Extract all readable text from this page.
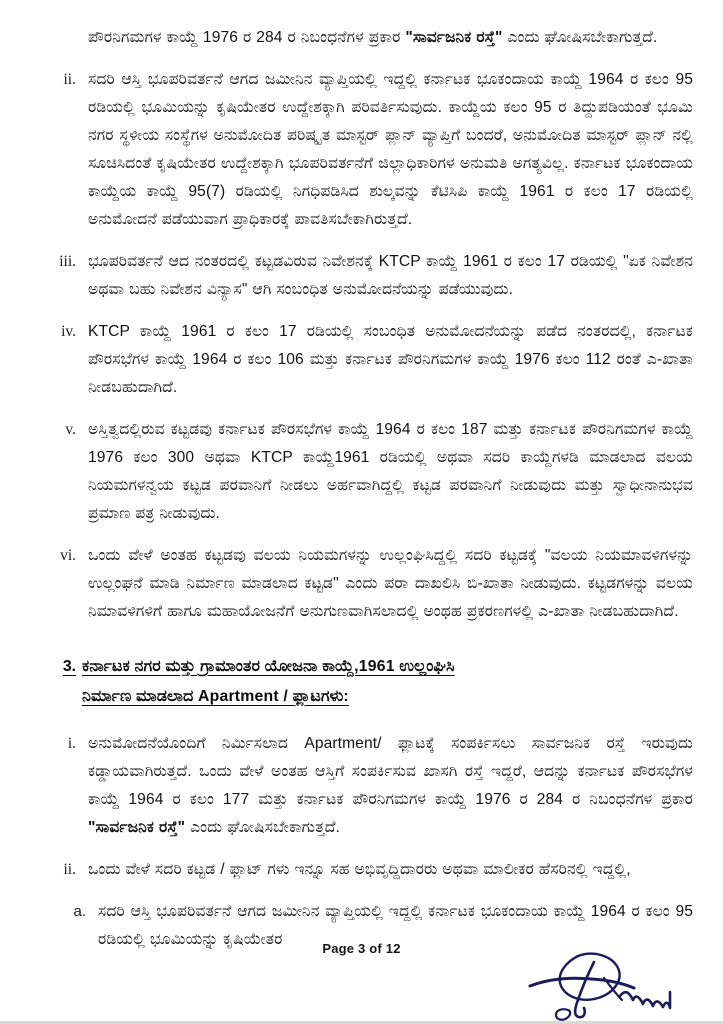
ಪೌರನಿಗಮಗಳ ಕಾಯ್ದೆ 1976 ರ 284 ರ ನಿಬಂಧನೆಗಳ ಪ್ರಕಾರ "ಸಾರ್ವಜನಿಕ ರಸ್ತೆ" ಎಂದು ಘೋಷಿಸಬೇಕಾಗುತ್ತದೆ.
ii. ಸದರಿ ಆಸ್ತಿ ಭೂಪರಿವರ್ತನೆ ಆಗದ ಜಮೀನಿನ ವ್ಯಾಪ್ತಿಯಲ್ಲಿ ಇದ್ದಲ್ಲಿ ಕರ್ನಾಟಕ ಭೂಕಂದಾಯ ಕಾಯ್ದೆ 1964 ರ ಕಲಂ 95 ರಡಿಯಲ್ಲಿ ಭೂಮಿಯನ್ನು ಕೃಷಿಯೇತರ ಉದ್ದೇಶಕ್ಕಾಗಿ ಪರಿವರ್ತಿಸುವುದು. ಕಾಯ್ದೆಯ ಕಲಂ 95 ರ ತಿದ್ದುಪಡಿಯಂತೆ ಭೂಮಿ ನಗರ ಸ್ಥಳೀಯ ಸಂಸ್ಥೆಗಳ ಅನುಮೋದಿತ ಪರಿಷ್ಕೃತ ಮಾಸ್ಟರ್ ಪ್ಲಾನ್ ವ್ಯಾಪ್ತಿಗೆ ಬಂದರೆ, ಅನುಮೋದಿತ ಮಾಸ್ಟರ್ ಪ್ಲಾನ್ ನಲ್ಲಿ ಸೂಚಿಸಿದಂತೆ ಕೃಷಿಯೇತರ ಉದ್ದೇಶಕ್ಕಾಗಿ ಭೂಪರಿವರ್ತನೆಗೆ ಜಿಲ್ಲಾಧಿಕಾರಿಗಳ ಅನುಮತಿ ಅಗತ್ಯವಿಲ್ಲ. ಕರ್ನಾಟಕ ಭೂಕಂದಾಯ ಕಾಯ್ದೆಯ ಕಾಯ್ದೆ 95(7) ರಡಿಯಲ್ಲಿ ನಿಗಧಿಪಡಿಸಿದ ಶುಲ್ಕವನ್ನು ಕೆಟಿಸಿಪಿ ಕಾಯ್ದೆ 1961 ರ ಕಲಂ 17 ರಡಿಯಲ್ಲಿ ಅನುಮೋದನೆ ಪಡೆಯುವಾಗ ಪ್ರಾಧಿಕಾರಕ್ಕೆ ಪಾವತಿಸಬೇಕಾಗಿರುತ್ತದೆ.
iii. ಭೂಪರಿವರ್ತನೆ ಆದ ನಂತರದಲ್ಲಿ ಕಟ್ಟಡವಿರುವ ನಿವೇಶನಕ್ಕೆ KTCP ಕಾಯ್ದೆ 1961 ರ ಕಲಂ 17 ರಡಿಯಲ್ಲಿ "ಏಕ ನಿವೇಶನ ಅಥವಾ ಬಹು ನಿವೇಶನ ವಿನ್ಯಾಸ" ಆಗಿ ಸಂಬಂಧಿತ ಅನುಮೋದನೆಯನ್ನು ಪಡೆಯುವುದು.
iv. KTCP ಕಾಯ್ದೆ 1961 ರ ಕಲಂ 17 ರಡಿಯಲ್ಲಿ ಸಂಬಂಧಿತ ಅನುಮೋದನೆಯನ್ನು ಪಡೆದ ನಂತರದಲ್ಲಿ, ಕರ್ನಾಟಕ ಪೌರಸಭೆಗಳ ಕಾಯ್ದೆ 1964 ರ ಕಲಂ 106 ಮತ್ತು ಕರ್ನಾಟಕ ಪೌರನಿಗಮಗಳ ಕಾಯ್ದೆ 1976 ಕಲಂ 112 ರಂತೆ ಎ-ಖಾತಾ ನೀಡಬಹುದಾಗಿದೆ.
v. ಅಸ್ತಿತ್ವದಲ್ಲಿರುವ ಕಟ್ಟಡವು ಕರ್ನಾಟಕ ಪೌರಸಭೆಗಳ ಕಾಯ್ದೆ 1964 ರ ಕಲಂ 187 ಮತ್ತು ಕರ್ನಾಟಕ ಪೌರನಿಗಮಗಳ ಕಾಯ್ದೆ 1976 ಕಲಂ 300 ಅಥವಾ KTCP ಕಾಯ್ದೆ1961 ರಡಿಯಲ್ಲಿ ಅಥವಾ ಸದರಿ ಕಾಯ್ದೆಗಳಡಿ ಮಾಡಲಾದ ವಲಯ ನಿಯಮಗಳನ್ವಯ ಕಟ್ಟಡ ಪರವಾನಿಗೆ ನೀಡಲು ಅರ್ಹವಾಗಿದ್ದಲ್ಲಿ ಕಟ್ಟಡ ಪರವಾನಿಗೆ ನೀಡುವುದು ಮತ್ತು ಸ್ವಾಧೀನಾನುಭವ ಪ್ರಮಾಣ ಪತ್ರ ನೀಡುವುದು.
vi. ಒಂದು ವೇಳೆ ಅಂತಹ ಕಟ್ಟಡವು ವಲಯ ನಿಯಮಗಳನ್ನು ಉಲ್ಲಂಘಿಸಿದ್ದಲ್ಲಿ ಸದರಿ ಕಟ್ಟಡಕ್ಕೆ "ವಲಯ ನಿಯಮಾವಳಿಗಳನ್ನು ಉಲ್ಲಂಘನೆ ಮಾಡಿ ನಿರ್ಮಾಣ ಮಾಡಲಾದ ಕಟ್ಟಡ" ಎಂದು ಪರಾ ದಾಖಲಿಸಿ ಬಿ-ಖಾತಾ ನೀಡುವುದು. ಕಟ್ಟಡಗಳನ್ನು ವಲಯ ನಿಮಾವಳಿಗಳಿಗೆ ಹಾಗೂ ಮಹಾಯೋಜನೆಗೆ ಅನುಗುಣವಾಗಿಸಲಾದಲ್ಲಿ ಅಂಥಹ ಪ್ರಕರಣಗಳಲ್ಲಿ ಎ-ಖಾತಾ ನೀಡಬಹುದಾಗಿದೆ.
3. ಕರ್ನಾಟಕ ನಗರ ಮತ್ತು ಗ್ರಾಮಾಂತರ ಯೋಜನಾ ಕಾಯ್ದೆ,1961 ಉಲ್ಲಂಘಿಸಿ
ನಿರ್ಮಾಣ ಮಾಡಲಾದ Apartment / ಫ್ಲಾಟಗಳು:
i. ಅನುಮೋದನೆಯೊಂದಿಗೆ ನಿರ್ಮಿಸಲಾದ Apartment/ ಫ್ಲಾಟಕ್ಕೆ ಸಂಪರ್ಕಿಸಲು ಸಾರ್ವಜನಿಕ ರಸ್ತೆ ಇರುವುದು ಕಡ್ಡಾಯವಾಗಿರುತ್ತದೆ. ಒಂದು ವೇಳೆ ಅಂತಹ ಆಸ್ತಿಗೆ ಸಂಪರ್ಕಿಸುವ ಖಾಸಗಿ ರಸ್ತೆ ಇದ್ದರೆ, ಆದನ್ನು ಕರ್ನಾಟಕ ಪೌರಸಭೆಗಳ ಕಾಯ್ದೆ 1964 ರ ಕಲಂ 177 ಮತ್ತು ಕರ್ನಾಟಕ ಪೌರನಿಗಮಗಳ ಕಾಯ್ದೆ 1976 ರ 284 ರ ನಿಬಂಧನೆಗಳ ಪ್ರಕಾರ "ಸಾರ್ವಜನಿಕ ರಸ್ತೆ" ಎಂದು ಘೋಷಿಸಬೇಕಾಗುತ್ತದೆ.
ii. ಒಂದು ವೇಳೆ ಸದರಿ ಕಟ್ಟಡ / ಫ್ಲಾಟ್ ಗಳು ಇನ್ನೂ ಸಹ ಅಭಿವೃದ್ದಿದಾರರು ಅಥವಾ ಮಾಲೀಕರ ಹೆಸರಿನಲ್ಲಿ ಇದ್ದಲ್ಲಿ,
a. ಸದರಿ ಆಸ್ತಿ ಭೂಪರಿವರ್ತನೆ ಆಗದ ಜಮೀನಿನ ವ್ಯಾಪ್ತಿಯಲ್ಲಿ ಇದ್ದಲ್ಲಿ ಕರ್ನಾಟಕ ಭೂಕಂದಾಯ ಕಾಯ್ದೆ 1964 ರ ಕಲಂ 95 ರಡಿಯಲ್ಲಿ ಭೂಮಿಯನ್ನು ಕೃಷಿಯೇತರ
Page 3 of 12
